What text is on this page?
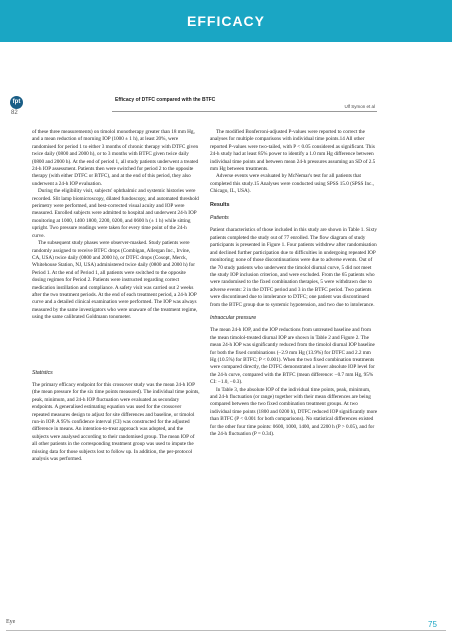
EFFICACY
fpt
82
Efficacy of DTFC compared with the BTFC
Ulf Symon et al

of these three measurements) on timolol monotherapy greater than 18 mm Hg, and a mean reduction of morning IOP (1000 ± 1 h), at least 20%, were randomised for period 1 to either 3 months of chronic therapy with DTFC given twice daily (0800 and 2000 h), or to 3 months with BTFC given twice daily (0800 and 2000 h). At the end of period 1, all study patients underwent a treated 24-h IOP assessment. Patients then were switched for period 2 to the opposite therapy (with either DTFC or BTFC), and at the end of this period, they also underwent a 24-h IOP evaluation.

During the eligibility visit, subjects' ophthalmic and systemic histories were recorded. Slit lamp biomicroscopy, dilated fundoscopy, and automated threshold perimetry were performed, and best-corrected visual acuity and IOP were measured. Enrolled subjects were admitted to hospital and underwent 24-h IOP monitoring at 1000, 1400 1800, 2200, 0200, and 0600 h (± 1 h) while sitting upright. Two pressure readings were taken for every time point of the 24-h curve.

The subsequent study phases were observer-masked. Study patients were randomly assigned to receive BTFC drops (Combigan, Allergan Inc., Irvine, CA, USA) twice daily (0800 and 2000 h), or DTFC drops (Cosopt, Merck, Whitehouse Station, NJ, USA) administered twice daily (0800 and 2000 h) for Period 1. At the end of Period 1, all patients were switched to the opposite dosing regimen for Period 2. Patients were instructed regarding correct medication instillation and compliance. A safety visit was carried out 2 weeks after the two treatment periods. At the end of each treatment period, a 24-h IOP curve and a detailed clinical examination were performed. The IOP was always measured by the same investigators who were unaware of the treatment regime, using the same calibrated Goldmann tonometer.

Statistics

The primary efficacy endpoint for this crossover study was the mean 24-h IOP (the mean pressure for the six time points measured). The individual time points, peak, minimum, and 24-h IOP fluctuation were evaluated as secondary endpoints. A generalised estimating equation was used for the crossover repeated measures design to adjust for site differences and baseline, or timolol run-in IOP. A 95% confidence interval (CI) was constructed for the adjusted difference in means. An intention-to-treat approach was adopted, and the subjects were analysed according to their randomised group. The mean IOP of all other patients in the corresponding treatment group was used to impute the missing data for those subjects lost to follow up. In addition, the per-protocol analysis was performed.

The modified Bonferroni-adjusted P-values were reported to correct the analyses for multiple comparisons with individual time points.14 All other reported P-values were two-tailed, with P < 0.05 considered as significant. This 24-h study had at least 85% power to identify a 1.0 mm Hg difference between individual time points and between mean 24-h pressures assuming an SD of 2.5 mm Hg between treatments.

Adverse events were evaluated by McNemar's test for all patients that completed this study.15 Analyses were conducted using SPSS 15.0 (SPSS Inc., Chicago, IL, USA).

Results
Patients

Patient characteristics of those included in this study are shown in Table 1. Sixty patients completed the study out of 77 enrolled. The flow diagram of study participants is presented in Figure 1. Four patients withdrew after randomisation and declined further participation due to difficulties in undergoing repeated IOP monitoring; none of those discontinuations were due to adverse events. Out of the 70 study patients who underwent the timolol diurnal curve, 5 did not meet the study IOP inclusion criterion, and were excluded. From the 65 patients who were randomised to the fixed combination therapies, 5 were withdrawn due to adverse events: 2 in the DTFC period and 3 in the BTFC period. Two patients were discontinued due to intolerance to DTFC; one patient was discontinued from the BTFC group due to systemic hypotension, and two due to intolerance.

Intraocular pressure

The mean 24-h IOP, and the IOP reductions from untreated baseline and from the mean timolol-treated diurnal IOP are shown in Table 2 and Figure 2. The mean 24-h IOP was significantly reduced from the timolol diurnal IOP baseline for both the fixed combinations (−2.9 mm Hg (13.9%) for DTFC and 2.2 mm Hg (10.5%) for BTFC; P < 0.001). When the two fixed combination treatments were compared directly, the DTFC demonstrated a lower absolute IOP level for the 24-h curve, compared with the BTFC (mean difference: −0.7 mm Hg, 95% CI: −1.0, −0.3).

In Table 3, the absolute IOP of the individual time points, peak, minimum, and 24-h fluctuation (or range) together with their mean differences are being compared between the two fixed combination treatment groups. At two individual time points (1800 and 0200 h), DTFC reduced IOP significantly more than BTFC (P < 0.001 for both comparisons). No statistical differences existed for the other four time points: 0600, 1000, 1400, and 2200 h (P > 0.05), and for the 24-h fluctuation (P = 0.34).

Eye	75
